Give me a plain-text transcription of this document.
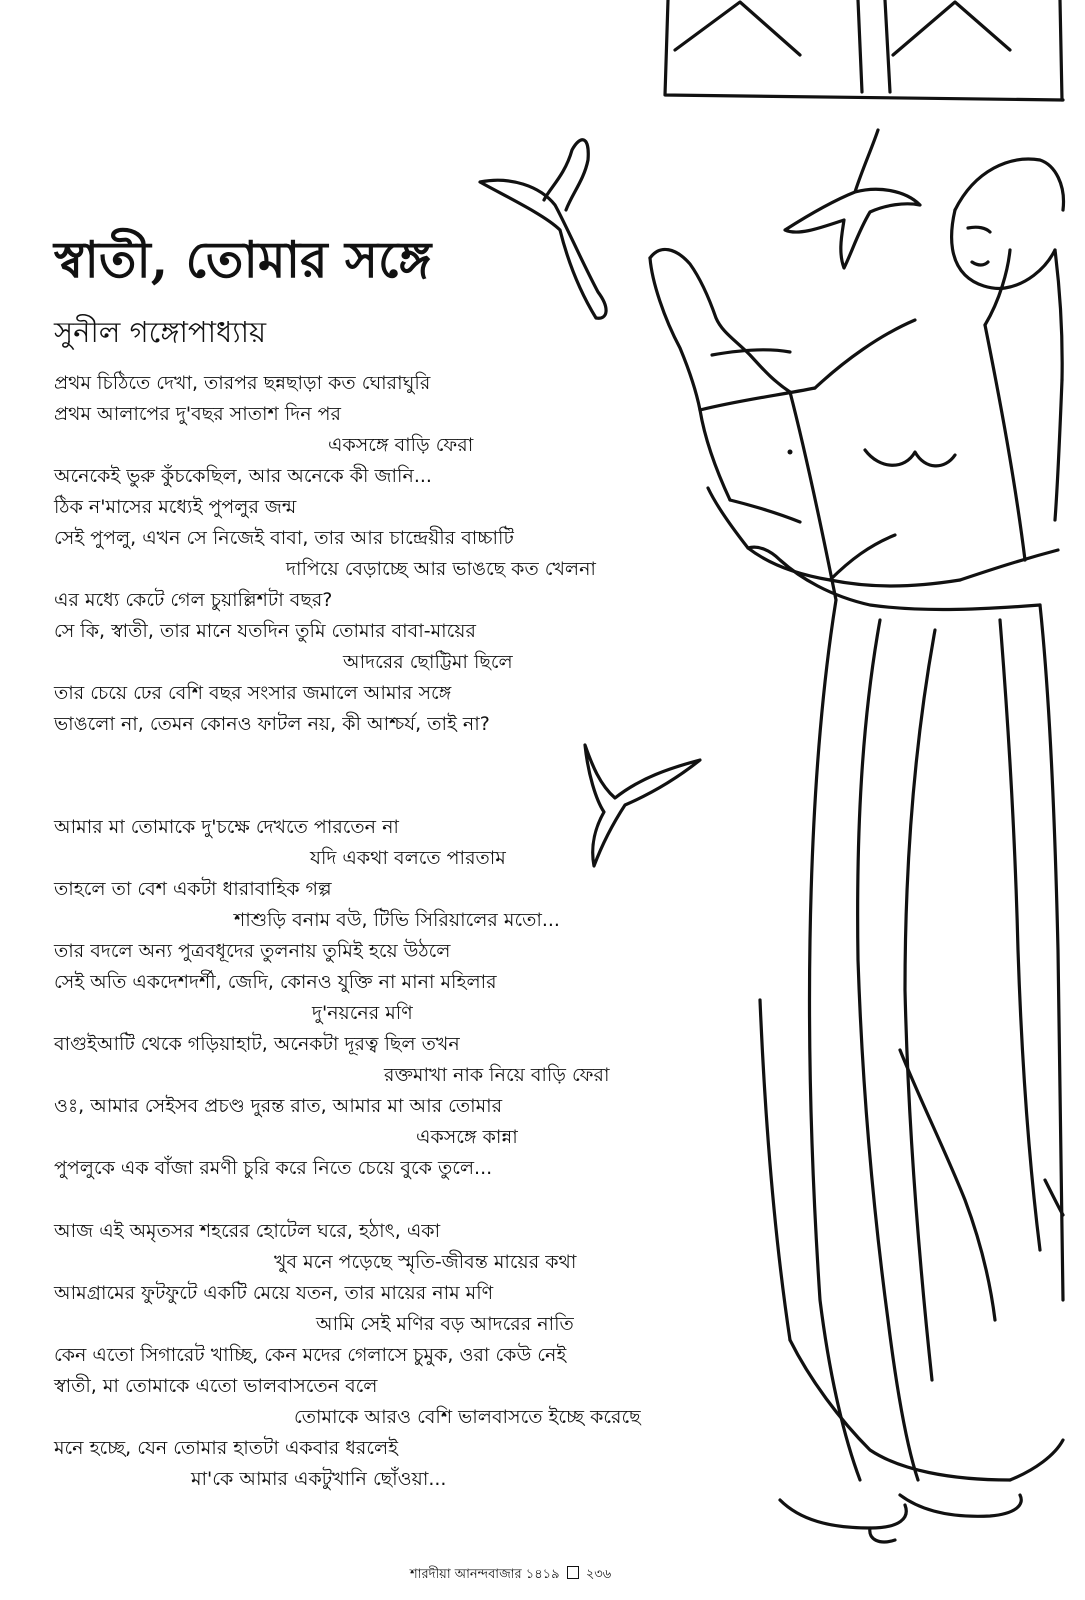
স্বাতী, তোমার সঙ্গে
সুনীল গঙ্গোপাধ্যায়
প্রথম চিঠিতে দেখা, তারপর ছন্নছাড়া কত ঘোরাঘুরি
প্রথম আলাপের দু'বছর সাতাশ দিন পর
একসঙ্গে বাড়ি ফেরা
অনেকেই ভুরু কুঁচকেছিল, আর অনেকে কী জানি...
ঠিক ন'মাসের মধ্যেই পুপলুর জন্ম
সেই পুপলু, এখন সে নিজেই বাবা, তার আর চান্দ্রেয়ীর বাচ্চাটি
দাপিয়ে বেড়াচ্ছে আর ভাঙছে কত খেলনা
এর মধ্যে কেটে গেল চুয়াল্লিশটা বছর?
সে কি, স্বাতী, তার মানে যতদিন তুমি তোমার বাবা-মায়ের
আদরের ছোট্টিমা ছিলে
তার চেয়ে ঢের বেশি বছর সংসার জমালে আমার সঙ্গে
ভাঙলো না, তেমন কোনও ফাটল নয়, কী আশ্চর্য, তাই না?
আমার মা তোমাকে দু'চক্ষে দেখতে পারতেন না
যদি একথা বলতে পারতাম
তাহলে তা বেশ একটা ধারাবাহিক গল্প
শাশুড়ি বনাম বউ, টিভি সিরিয়ালের মতো...
তার বদলে অন্য পুত্রবধূদের তুলনায় তুমিই হয়ে উঠলে
সেই অতি একদেশদর্শী, জেদি, কোনও যুক্তি না মানা মহিলার
দু'নয়নের মণি
বাগুইআটি থেকে গড়িয়াহাট, অনেকটা দূরত্ব ছিল তখন
রক্তমাখা নাক নিয়ে বাড়ি ফেরা
ওঃ, আমার সেইসব প্রচণ্ড দুরন্ত রাত, আমার মা আর তোমার
একসঙ্গে কান্না
পুপলুকে এক বাঁজা রমণী চুরি করে নিতে চেয়ে বুকে তুলে...
আজ এই অমৃতসর শহরের হোটেল ঘরে, হঠাৎ, একা
খুব মনে পড়েছে স্মৃতি-জীবন্ত মায়ের কথা
আমগ্রামের ফুটফুটে একটি মেয়ে যতন, তার মায়ের নাম মণি
আমি সেই মণির বড় আদরের নাতি
কেন এতো সিগারেট খাচ্ছি, কেন মদের গেলাসে চুমুক, ওরা কেউ নেই
স্বাতী, মা তোমাকে এতো ভালবাসতেন বলে
তোমাকে আরও বেশি ভালবাসতে ইচ্ছে করেছে
মনে হচ্ছে, যেন তোমার হাতটা একবার ধরলেই
মা'কে আমার একটুখানি ছোঁওয়া...
শারদীয়া আনন্দবাজার ১৪১৯ ২৩৬
